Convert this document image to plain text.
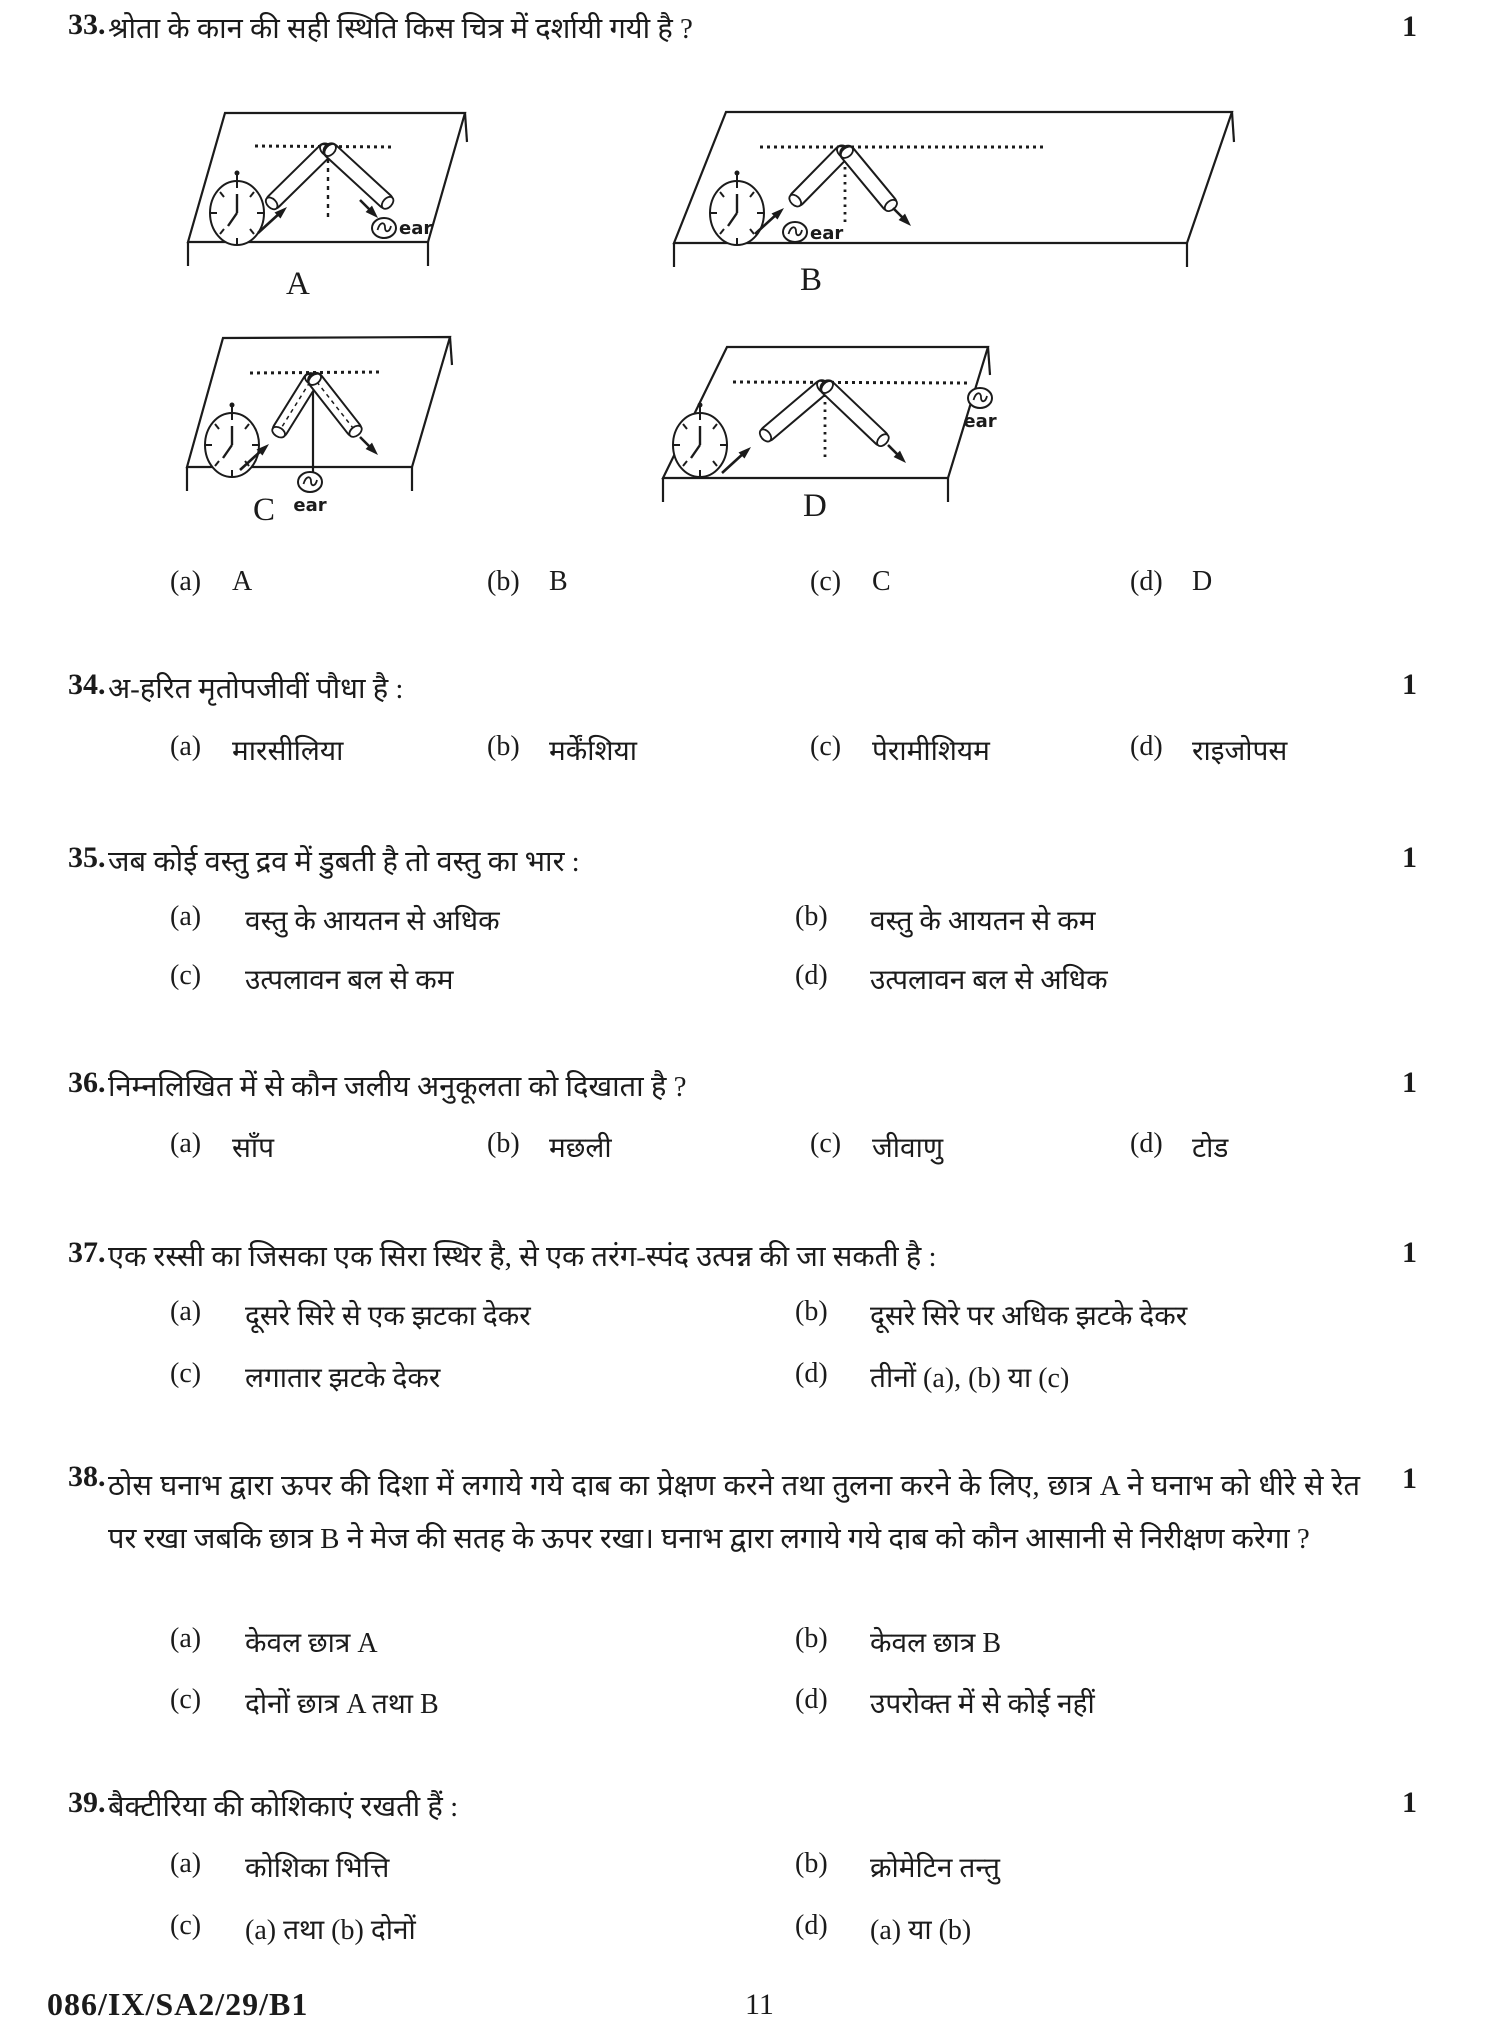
33. श्रोता के कान की सही स्थिति किस चित्र में दर्शायी गयी है ?	1
ear
A
ear
B
ear
C
ear
D
(a) A	(b) B	(c) C	(d) D
34. अ-हरित मृतोपजीवीं पौधा है :	1
(a) मारसीलिया	(b) मर्केंशिया	(c) पेरामीशियम	(d) राइजोपस
35. जब कोई वस्तु द्रव में डुबती है तो वस्तु का भार :	1
(a) वस्तु के आयतन से अधिक	(b) वस्तु के आयतन से कम
(c) उत्पलावन बल से कम	(d) उत्पलावन बल से अधिक
36. निम्नलिखित में से कौन जलीय अनुकूलता को दिखाता है ?	1
(a) साँप	(b) मछली	(c) जीवाणु	(d) टोड
37. एक रस्सी का जिसका एक सिरा स्थिर है, से एक तरंग-स्पंद उत्पन्न की जा सकती है :	1
(a) दूसरे सिरे से एक झटका देकर	(b) दूसरे सिरे पर अधिक झटके देकर
(c) लगातार झटके देकर	(d) तीनों (a), (b) या (c)
38. ठोस घनाभ द्वारा ऊपर की दिशा में लगाये गये दाब का प्रेक्षण करने तथा तुलना करने के लिए, छात्र A ने घनाभ को धीरे से रेत पर रखा जबकि छात्र B ने मेज की सतह के ऊपर रखा। घनाभ द्वारा लगाये गये दाब को कौन आसानी से निरीक्षण करेगा ?
1
(a) केवल छात्र A	(b) केवल छात्र B
(c) दोनों छात्र A तथा B	(d) उपरोक्त में से कोई नहीं
39. बैक्टीरिया की कोशिकाएं रखती हैं :	1
(a) कोशिका भित्ति	(b) क्रोमेटिन तन्तु
(c) (a) तथा (b) दोनों	(d) (a) या (b)
086/IX/SA2/29/B1	11
